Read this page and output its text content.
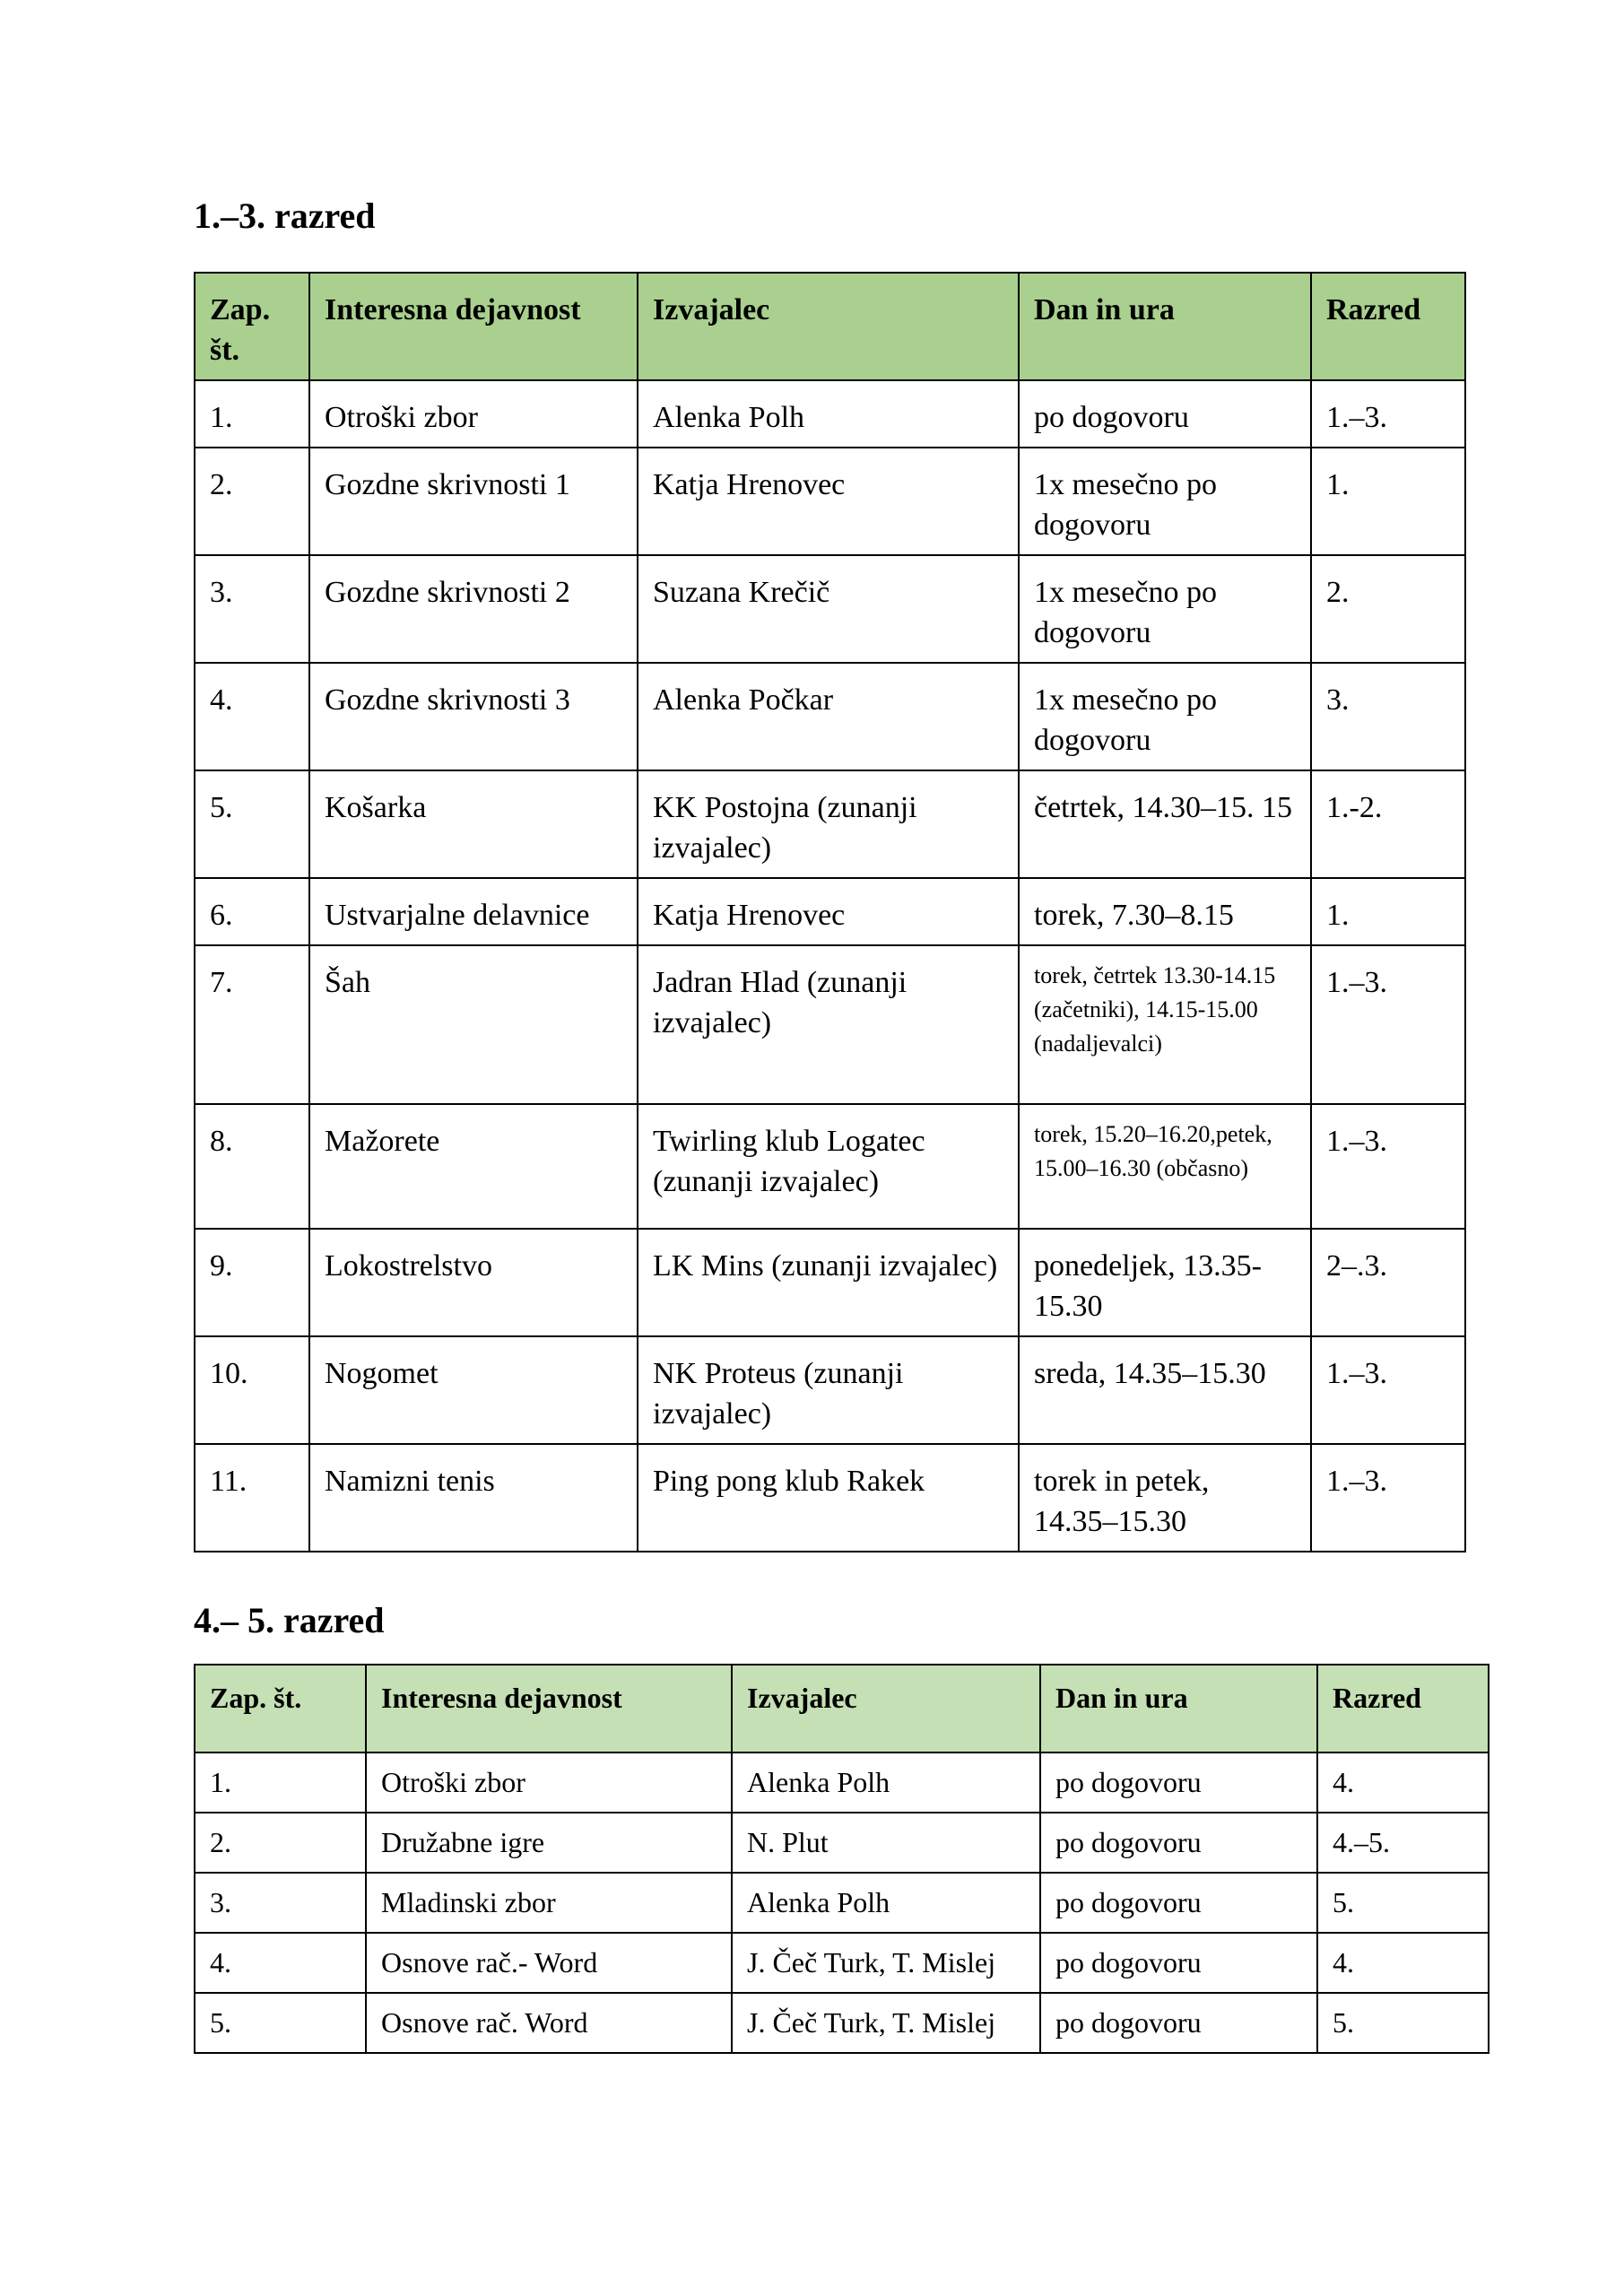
1.–3. razred
Zap. št.	Interesna dejavnost	Izvajalec	Dan in ura	Razred
1.	Otroški zbor	Alenka Polh	po dogovoru	1.–3.
2.	Gozdne skrivnosti 1	Katja Hrenovec	1x mesečno po dogovoru	1.
3.	Gozdne skrivnosti 2	Suzana Krečič	1x mesečno po dogovoru	2.
4.	Gozdne skrivnosti 3	Alenka Počkar	1x mesečno po dogovoru	3.
5.	Košarka	KK Postojna (zunanji izvajalec)	četrtek, 14.30–15. 15	1.-2.
6.	Ustvarjalne delavnice	Katja Hrenovec	torek, 7.30–8.15	1.
7.	Šah	Jadran Hlad (zunanji izvajalec)	torek, četrtek 13.30-14.15 (začetniki), 14.15-15.00 (nadaljevalci)	1.–3.
8.	Mažorete	Twirling klub Logatec (zunanji izvajalec)	torek, 15.20–16.20,petek, 15.00–16.30 (občasno)	1.–3.
9.	Lokostrelstvo	LK Mins (zunanji izvajalec)	ponedeljek, 13.35-15.30	2–.3.
10.	Nogomet	NK Proteus (zunanji izvajalec)	sreda, 14.35–15.30	1.–3.
11.	Namizni tenis	Ping pong klub Rakek	torek in petek, 14.35–15.30	1.–3.
4.– 5. razred
Zap. št.	Interesna dejavnost	Izvajalec	Dan in ura	Razred
1.	Otroški zbor	Alenka Polh	po dogovoru	4.
2.	Družabne igre	N. Plut	po dogovoru	4.–5.
3.	Mladinski zbor	Alenka Polh	po dogovoru	5.
4.	Osnove rač.- Word	J. Čeč Turk, T. Mislej	po dogovoru	4.
5.	Osnove rač. Word	J. Čeč Turk, T. Mislej	po dogovoru	5.
